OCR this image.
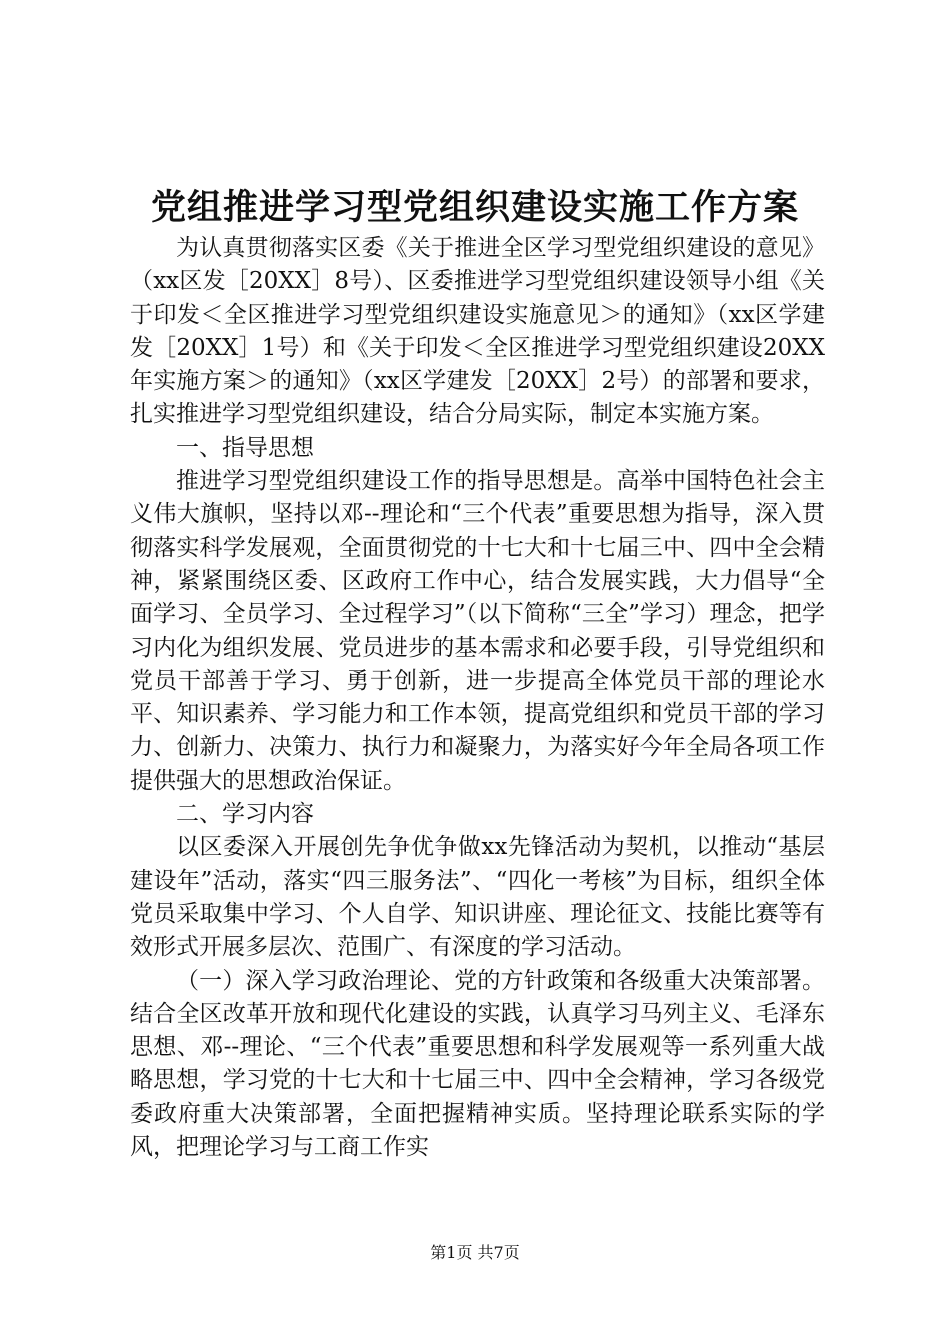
党组推进学习型党组织建设实施工作方案

为认真贯彻落实区委《关于推进全区学习型党组织建设的意见》（xx区发［20XX］8号）、区委推进学习型党组织建设领导小组《关于印发＜全区推进学习型党组织建设实施意见＞的通知》（xx区学建发［20XX］1号）和《关于印发＜全区推进学习型党组织建设20XX年实施方案＞的通知》（xx区学建发［20XX］2号）的部署和要求，扎实推进学习型党组织建设，结合分局实际，制定本实施方案。

一、指导思想

推进学习型党组织建设工作的指导思想是。高举中国特色社会主义伟大旗帜，坚持以邓--理论和“三个代表”重要思想为指导，深入贯彻落实科学发展观，全面贯彻党的十七大和十七届三中、四中全会精神，紧紧围绕区委、区政府工作中心，结合发展实践，大力倡导“全面学习、全员学习、全过程学习”（以下简称“三全”学习）理念，把学习内化为组织发展、党员进步的基本需求和必要手段，引导党组织和党员干部善于学习、勇于创新，进一步提高全体党员干部的理论水平、知识素养、学习能力和工作本领，提高党组织和党员干部的学习力、创新力、决策力、执行力和凝聚力，为落实好今年全局各项工作提供强大的思想政治保证。

二、学习内容

以区委深入开展创先争优争做xx先锋活动为契机，以推动“基层建设年”活动，落实“四三服务法”、“四化一考核”为目标，组织全体党员采取集中学习、个人自学、知识讲座、理论征文、技能比赛等有效形式开展多层次、范围广、有深度的学习活动。

（一）深入学习政治理论、党的方针政策和各级重大决策部署。结合全区改革开放和现代化建设的实践，认真学习马列主义、毛泽东思想、邓--理论、“三个代表”重要思想和科学发展观等一系列重大战略思想，学习党的十七大和十七届三中、四中全会精神，学习各级党委政府重大决策部署，全面把握精神实质。坚持理论联系实际的学风，把理论学习与工商工作实

第1页 共7页
